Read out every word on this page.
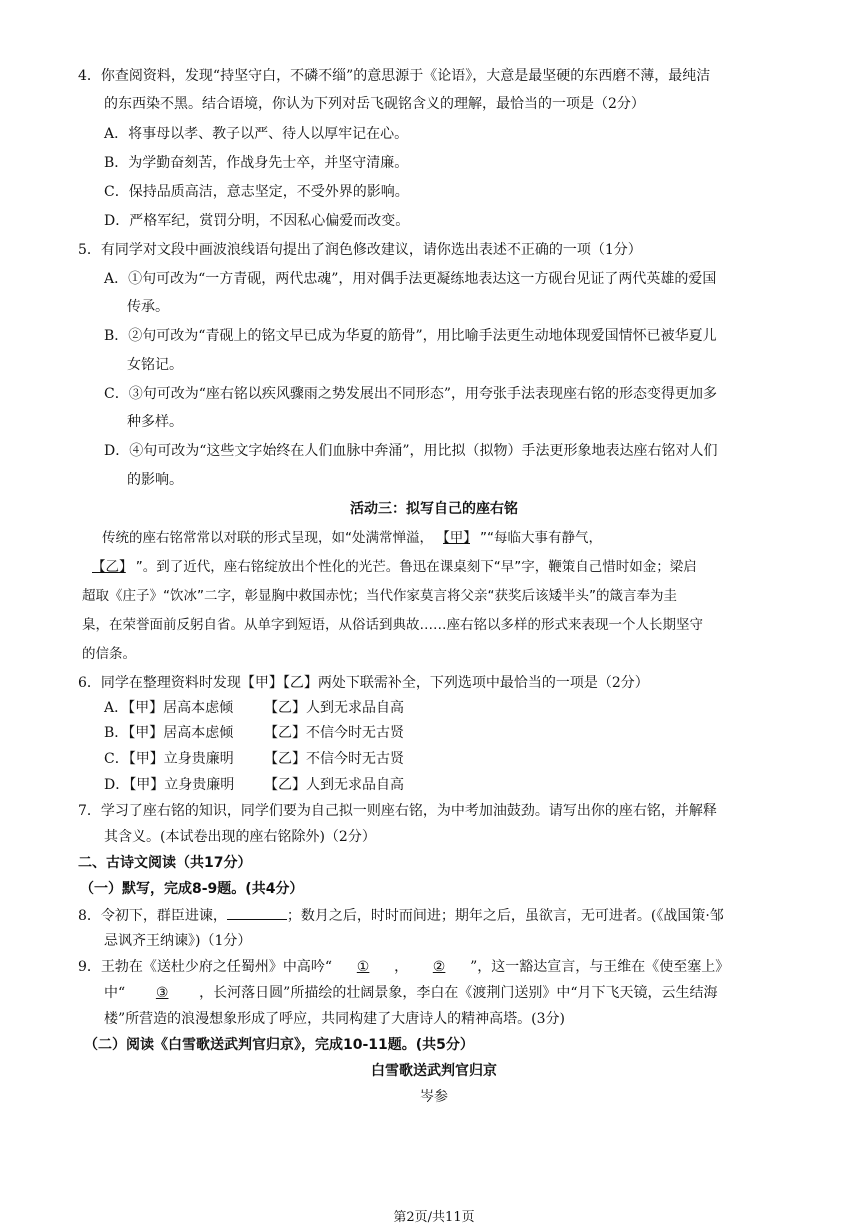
4．你查阅资料，发现“持坚守白，不磷不缁”的意思源于《论语》，大意是最坚硬的东西磨不薄，最纯洁
的东西染不黑。结合语境，你认为下列对岳飞砚铭含义的理解，最恰当的一项是（2分）
A．将事母以孝、教子以严、待人以厚牢记在心。
B．为学勤奋刻苦，作战身先士卒，并坚守清廉。
C．保持品质高洁，意志坚定，不受外界的影响。
D．严格军纪，赏罚分明，不因私心偏爱而改变。
5．有同学对文段中画波浪线语句提出了润色修改建议，请你选出表述不正确的一项（1分）
A．①句可改为“一方青砚，两代忠魂”，用对偶手法更凝练地表达这一方砚台见证了两代英雄的爱国
传承。
B．②句可改为“青砚上的铭文早已成为华夏的筋骨”，用比喻手法更生动地体现爱国情怀已被华夏儿
女铭记。
C．③句可改为“座右铭以疾风骤雨之势发展出不同形态”，用夸张手法表现座右铭的形态变得更加多
种多样。
D．④句可改为“这些文字始终在人们血脉中奔涌”，用比拟（拟物）手法更形象地表达座右铭对人们
的影响。
活动三：拟写自己的座右铭
传统的座右铭常常以对联的形式呈现，如“处满常惮溢， 【甲】 ”“每临大事有静气，
【乙】 ”。到了近代，座右铭绽放出个性化的光芒。鲁迅在课桌刻下“早”字，鞭策自己惜时如金；梁启
超取《庄子》“饮冰”二字，彰显胸中救国赤忱；当代作家莫言将父亲“获奖后该矮半头”的箴言奉为圭
臬，在荣誉面前反躬自省。从单字到短语，从俗话到典故……座右铭以多样的形式来表现一个人长期坚守
的信条。
6．同学在整理资料时发现【甲】【乙】两处下联需补全，下列选项中最恰当的一项是（2分）
A．【甲】居高本虑倾 【乙】人到无求品自高
B．【甲】居高本虑倾 【乙】不信今时无古贤
C．【甲】立身贵廉明 【乙】不信今时无古贤
D．【甲】立身贵廉明 【乙】人到无求品自高
7．学习了座右铭的知识，同学们要为自己拟一则座右铭，为中考加油鼓劲。请写出你的座右铭，并解释
其含义。(本试卷出现的座右铭除外)（2分）
二、古诗文阅读（共17分）
（一）默写，完成8-9题。(共4分）
8．令初下，群臣进谏，	；数月之后，时时而间进；期年之后，虽欲言，无可进者。(《战国策·邹
忌讽齐王纳谏》)（1分）
9．王勃在《送杜少府之任蜀州》中高吟“ ① ， ② ”，这一豁达宣言，与王维在《使至塞上》
中“ ③ ，长河落日圆”所描绘的壮阔景象，李白在《渡荆门送别》中“月下飞天镜，云生结海
楼”所营造的浪漫想象形成了呼应，共同构建了大唐诗人的精神高塔。(3分)
（二）阅读《白雪歌送武判官归京》，完成10-11题。(共5分）
白雪歌送武判官归京
岑参
第2页/共11页
